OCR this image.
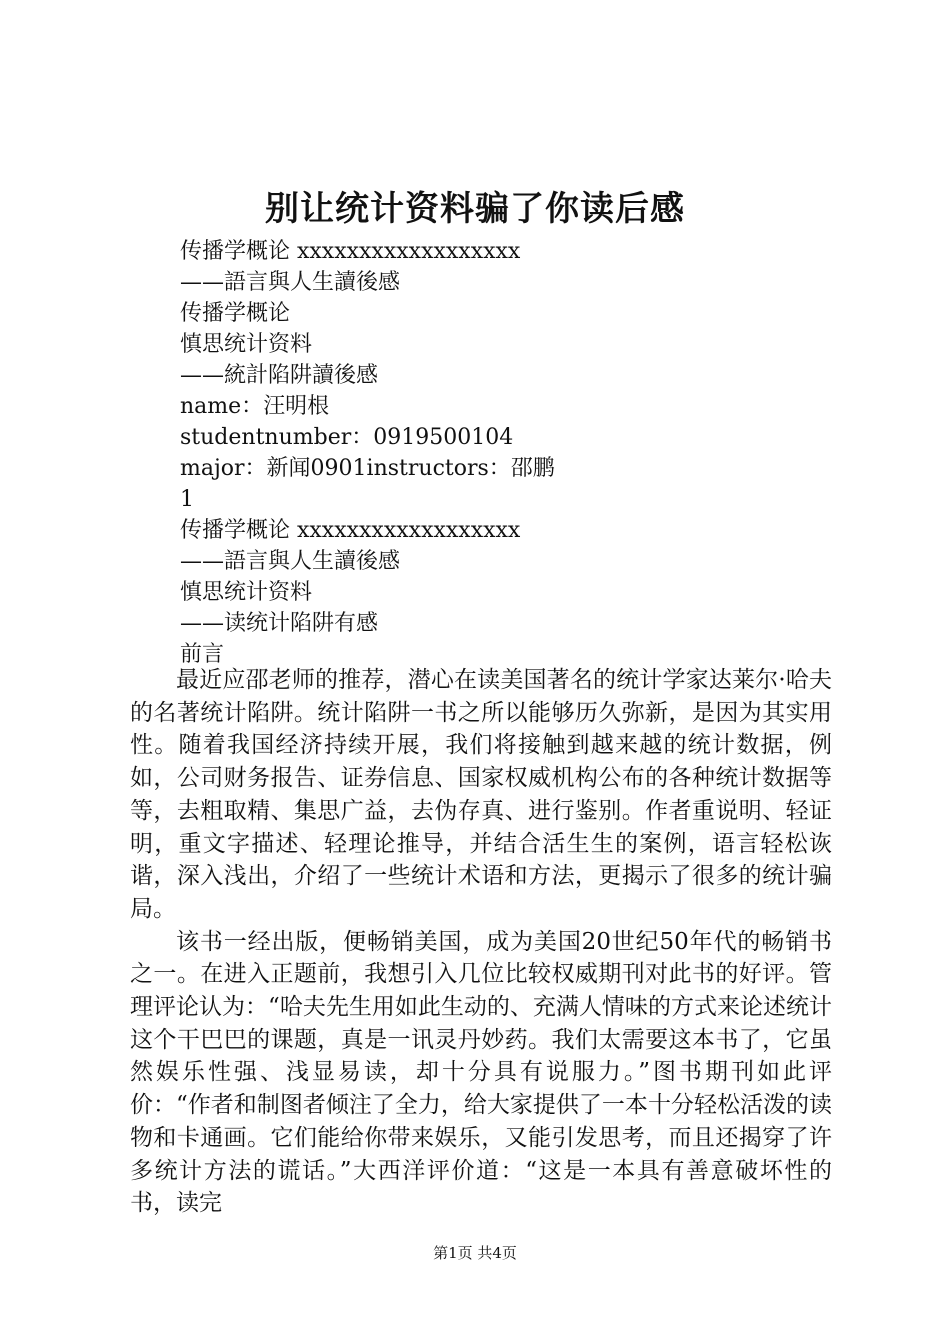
别让统计资料骗了你读后感
传播学概论 xxxxxxxxxxxxxxxxxx
——語言與人生讀後感
传播学概论
慎思统计资料
——統計陷阱讀後感
name：汪明根
studentnumber：0919500104
major：新闻0901instructors：邵鹏
1
传播学概论 xxxxxxxxxxxxxxxxxx
——語言與人生讀後感
慎思统计资料
——读统计陷阱有感
前言

最近应邵老师的推荐，潜心在读美国著名的统计学家达莱尔·哈夫的名著统计陷阱。统计陷阱一书之所以能够历久弥新，是因为其实用性。随着我国经济持续开展，我们将接触到越来越的统计数据，例如，公司财务报告、证券信息、国家权威机构公布的各种统计数据等等，去粗取精、集思广益，去伪存真、进行鉴别。作者重说明、轻证明，重文字描述、轻理论推导，并结合活生生的案例，语言轻松诙谐，深入浅出，介绍了一些统计术语和方法，更揭示了很多的统计骗局。

该书一经出版，便畅销美国，成为美国20世纪50年代的畅销书之一。在进入正题前，我想引入几位比较权威期刊对此书的好评。管理评论认为：“哈夫先生用如此生动的、充满人情味的方式来论述统计这个干巴巴的课题，真是一讯灵丹妙药。我们太需要这本书了，它虽然娱乐性强、浅显易读，却十分具有说服力。”图书期刊如此评价：“作者和制图者倾注了全力，给大家提供了一本十分轻松活泼的读物和卡通画。它们能给你带来娱乐，又能引发思考，而且还揭穿了许多统计方法的谎话。”大西洋评价道：“这是一本具有善意破坏性的书，读完

第1页 共4页
